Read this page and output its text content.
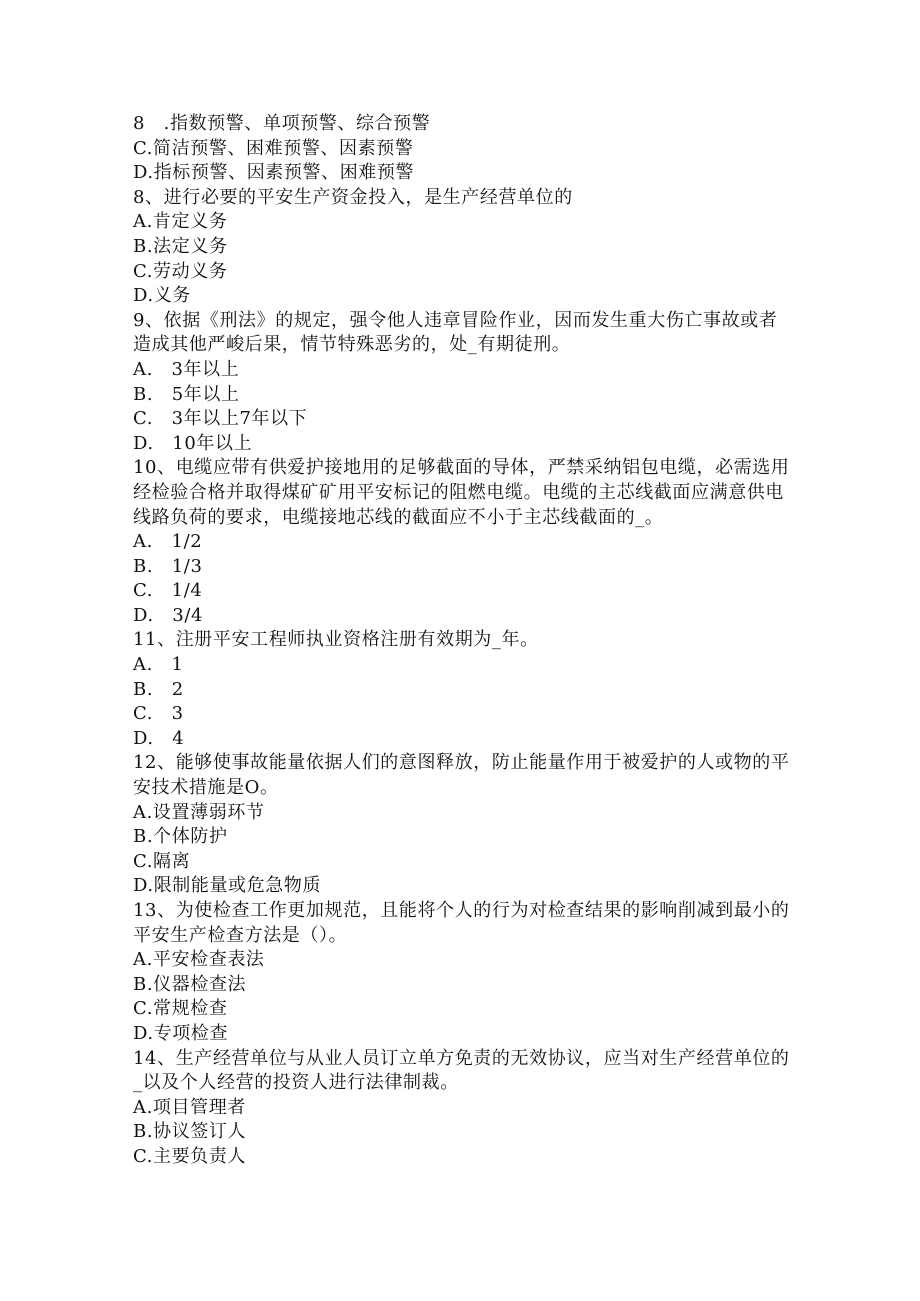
8　.指数预警、单项预警、综合预警
C.简洁预警、困难预警、因素预警
D.指标预警、因素预警、困难预警
8、进行必要的平安生产资金投入，是生产经营单位的
A.肯定义务
B.法定义务
C.劳动义务
D.义务
9、依据《刑法》的规定，强令他人违章冒险作业，因而发生重大伤亡事故或者
造成其他严峻后果，情节特殊恶劣的，处_有期徒刑。
A.　3年以上
B.　5年以上
C.　3年以上7年以下
D.　10年以上
10、电缆应带有供爱护接地用的足够截面的导体，严禁采纳铝包电缆，必需选用
经检验合格并取得煤矿矿用平安标记的阻燃电缆。电缆的主芯线截面应满意供电
线路负荷的要求，电缆接地芯线的截面应不小于主芯线截面的_。
A.　1/2
B.　1/3
C.　1/4
D.　3/4
11、注册平安工程师执业资格注册有效期为_年。
A.　1
B.　2
C.　3
D.　4
12、能够使事故能量依据人们的意图释放，防止能量作用于被爱护的人或物的平
安技术措施是O。
A.设置薄弱环节
B.个体防护
C.隔离
D.限制能量或危急物质
13、为使检查工作更加规范，且能将个人的行为对检查结果的影响削减到最小的
平安生产检查方法是（）。
A.平安检查表法
B.仪器检查法
C.常规检查
D.专项检查
14、生产经营单位与从业人员订立单方免责的无效协议，应当对生产经营单位的
_以及个人经营的投资人进行法律制裁。
A.项目管理者
B.协议签订人
C.主要负责人
